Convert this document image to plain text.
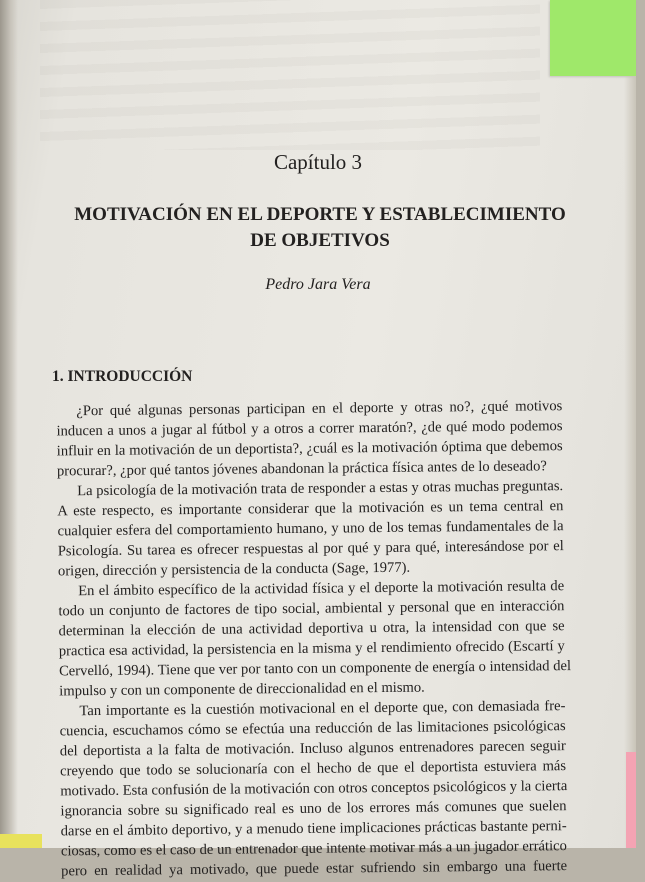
Capítulo 3
MOTIVACIÓN EN EL DEPORTE Y ESTABLECIMIENTO
DE OBJETIVOS
Pedro Jara Vera
1. INTRODUCCIÓN
¿Por qué algunas personas participan en el deporte y otras no?, ¿qué motivos
inducen a unos a jugar al fútbol y a otros a correr maratón?, ¿de qué modo podemos
influir en la motivación de un deportista?, ¿cuál es la motivación óptima que debemos
procurar?, ¿por qué tantos jóvenes abandonan la práctica física antes de lo deseado?
La psicología de la motivación trata de responder a estas y otras muchas preguntas.
A este respecto, es importante considerar que la motivación es un tema central en
cualquier esfera del comportamiento humano, y uno de los temas fundamentales de la
Psicología. Su tarea es ofrecer respuestas al por qué y para qué, interesándose por el
origen, dirección y persistencia de la conducta (Sage, 1977).
En el ámbito específico de la actividad física y el deporte la motivación resulta de
todo un conjunto de factores de tipo social, ambiental y personal que en interacción
determinan la elección de una actividad deportiva u otra, la intensidad con que se
practica esa actividad, la persistencia en la misma y el rendimiento ofrecido (Escartí y
Cervelló, 1994). Tiene que ver por tanto con un componente de energía o intensidad del
impulso y con un componente de direccionalidad en el mismo.
Tan importante es la cuestión motivacional en el deporte que, con demasiada fre-
cuencia, escuchamos cómo se efectúa una reducción de las limitaciones psicológicas
del deportista a la falta de motivación. Incluso algunos entrenadores parecen seguir
creyendo que todo se solucionaría con el hecho de que el deportista estuviera más
motivado. Esta confusión de la motivación con otros conceptos psicológicos y la cierta
ignorancia sobre su significado real es uno de los errores más comunes que suelen
darse en el ámbito deportivo, y a menudo tiene implicaciones prácticas bastante perni-
ciosas, como es el caso de un entrenador que intente motivar más a un jugador errático
pero en realidad ya motivado, que puede estar sufriendo sin embargo una fuerte
